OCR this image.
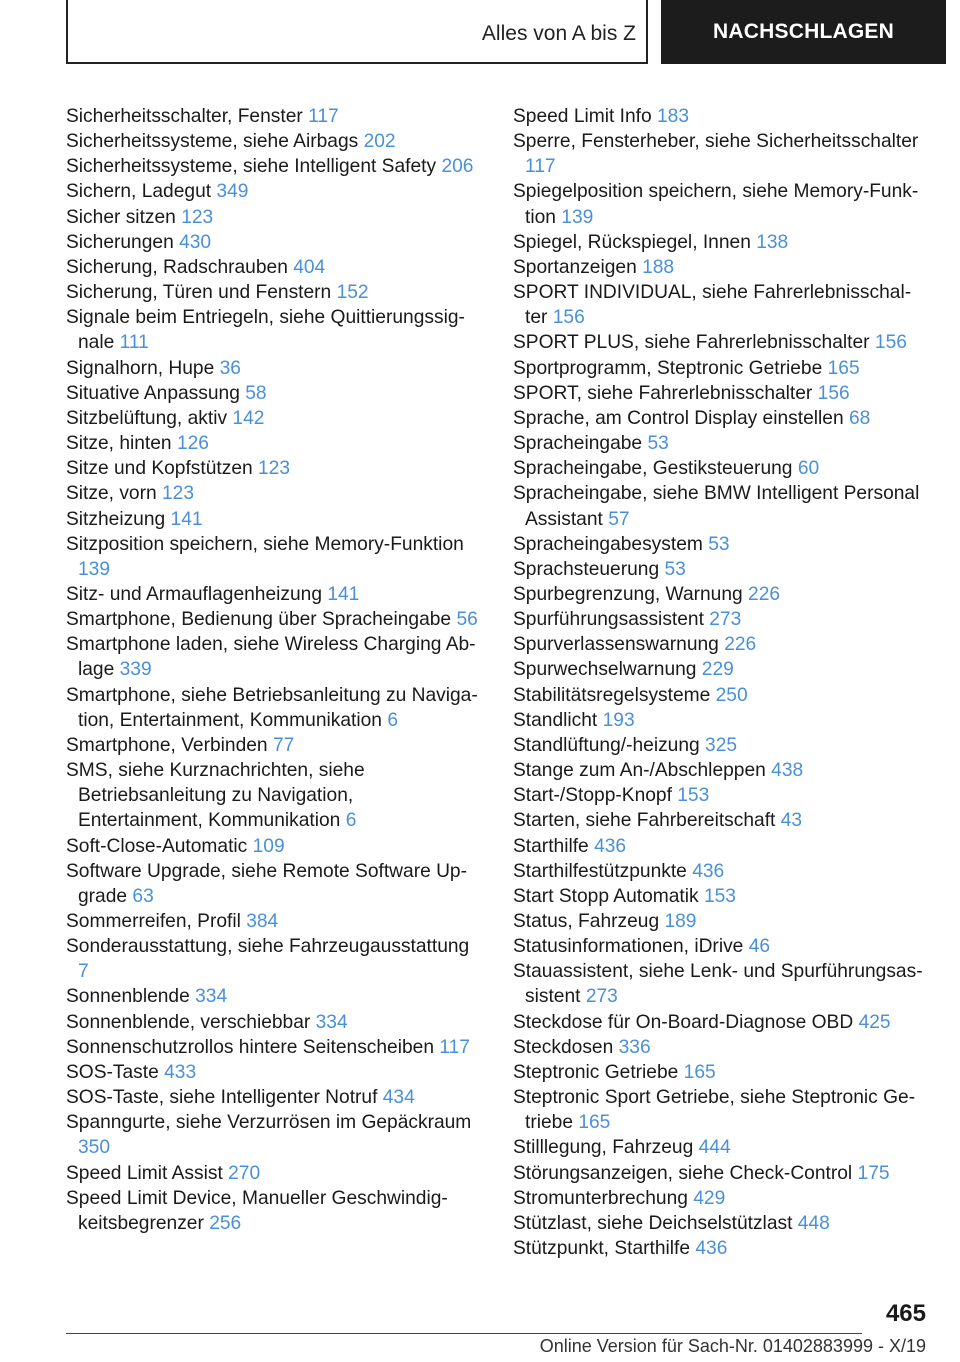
Alles von A bis Z	NACHSCHLAGEN

Sicherheitsschalter, Fenster 117

Sicherheitssysteme, siehe Airbags 202

Sicherheitssysteme, siehe Intelligent Safety 206

Sichern, Ladegut 349

Sicher sitzen 123

Sicherungen 430

Sicherung, Radschrauben 404

Sicherung, Türen und Fenstern 152

Signale beim Entriegeln, siehe Quittierungssignale 111

Signalhorn, Hupe 36

Situative Anpassung 58

Sitzbelüftung, aktiv 142

Sitze, hinten 126

Sitze und Kopfstützen 123

Sitze, vorn 123

Sitzheizung 141

Sitzposition speichern, siehe Memory-Funktion 139

Sitz- und Armauflagenheizung 141

Smartphone, Bedienung über Spracheingabe 56

Smartphone laden, siehe Wireless Charging Ablage 339

Smartphone, siehe Betriebsanleitung zu Navigation, Entertainment, Kommunikation 6

Smartphone, Verbinden 77

SMS, siehe Kurznachrichten, siehe Betriebsanleitung zu Navigation, Entertainment, Kommunikation 6

Soft-Close-Automatic 109

Software Upgrade, siehe Remote Software Upgrade 63

Sommerreifen, Profil 384

Sonderausstattung, siehe Fahrzeugausstattung 7

Sonnenblende 334

Sonnenblende, verschiebbar 334

Sonnenschutzrollos hintere Seitenscheiben 117

SOS-Taste 433

SOS-Taste, siehe Intelligenter Notruf 434

Spanngurte, siehe Verzurrösen im Gepäckraum 350

Speed Limit Assist 270

Speed Limit Device, Manueller Geschwindigkeitsbegrenzer 256

Speed Limit Info 183

Sperre, Fensterheber, siehe Sicherheitsschalter 117

Spiegelposition speichern, siehe Memory-Funktion 139

Spiegel, Rückspiegel, Innen 138

Sportanzeigen 188

SPORT INDIVIDUAL, siehe Fahrerlebnisschalter 156

SPORT PLUS, siehe Fahrerlebnisschalter 156

Sportprogramm, Steptronic Getriebe 165

SPORT, siehe Fahrerlebnisschalter 156

Sprache, am Control Display einstellen 68

Spracheingabe 53

Spracheingabe, Gestiksteuerung 60

Spracheingabe, siehe BMW Intelligent Personal Assistant 57

Spracheingabesystem 53

Sprachsteuerung 53

Spurbegrenzung, Warnung 226

Spurführungsassistent 273

Spurverlassenswarnung 226

Spurwechselwarnung 229

Stabilitätsregelsysteme 250

Standlicht 193

Standlüftung/-heizung 325

Stange zum An-/Abschleppen 438

Start-/Stopp-Knopf 153

Starten, siehe Fahrbereitschaft 43

Starthilfe 436

Starthilfestützpunkte 436

Start Stopp Automatik 153

Status, Fahrzeug 189

Statusinformationen, iDrive 46

Stauassistent, siehe Lenk- und Spurführungsassistent 273

Steckdose für On-Board-Diagnose OBD 425

Steckdosen 336

Steptronic Getriebe 165

Steptronic Sport Getriebe, siehe Steptronic Getriebe 165

Stilllegung, Fahrzeug 444

Störungsanzeigen, siehe Check-Control 175

Stromunterbrechung 429

Stützlast, siehe Deichselstützlast 448

Stützpunkt, Starthilfe 436

465
Online Version für Sach-Nr. 01402883999 - X/19
